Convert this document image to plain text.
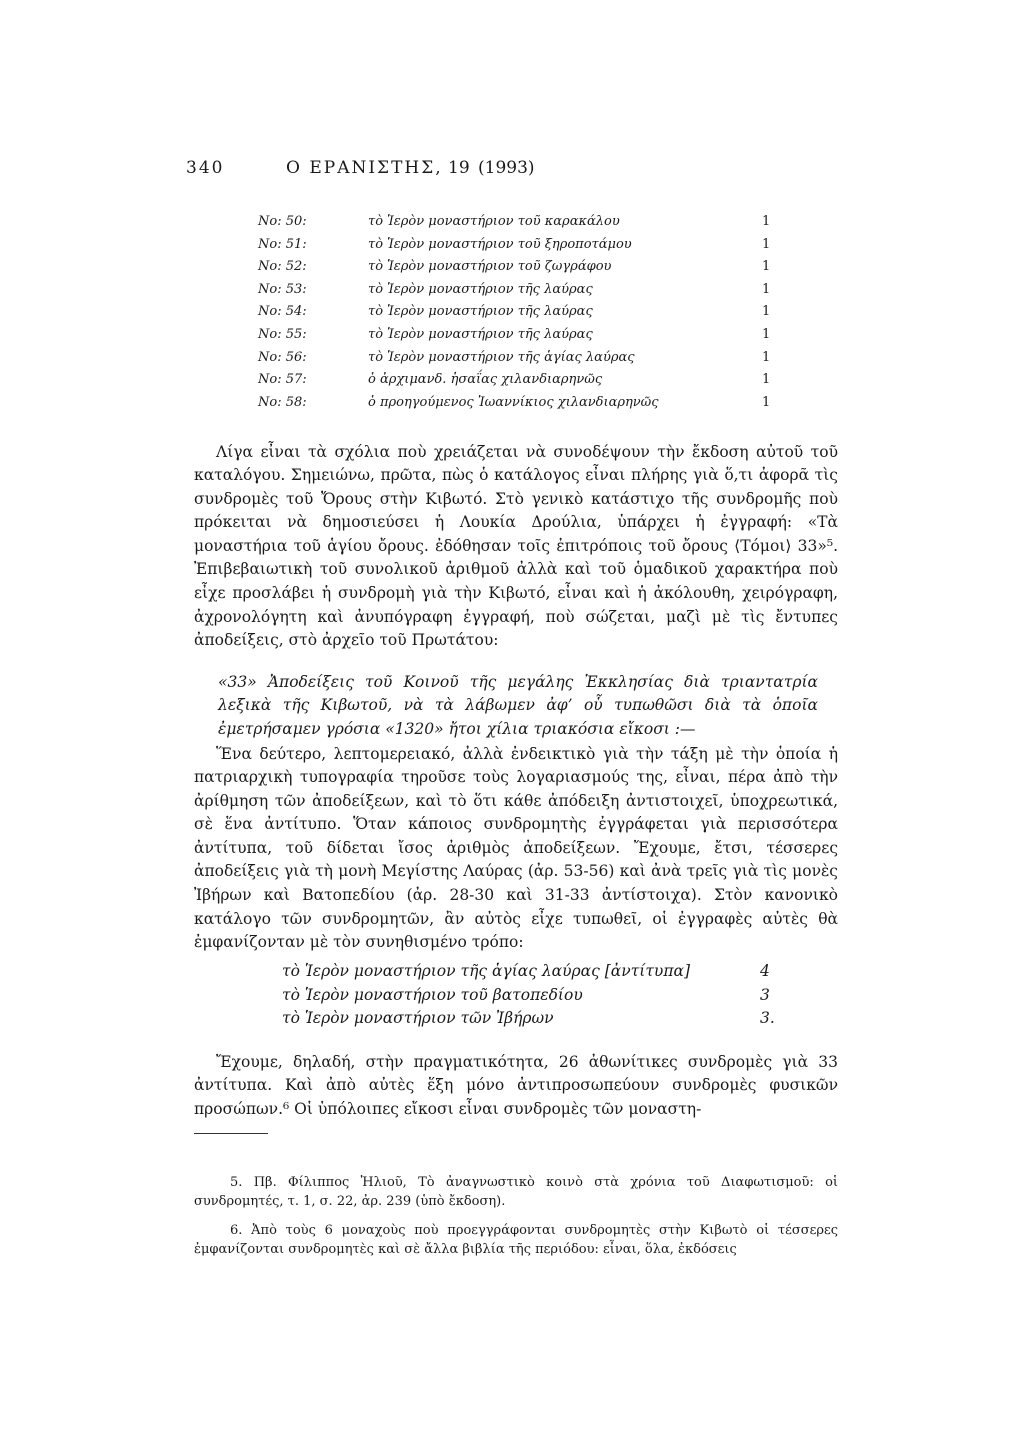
340	Ο ΕΡΑΝΙΣΤΗΣ, 19 (1993)
No: 50:	τὸ Ἱερὸν μοναστήριον τοῦ καρακάλου	1
No: 51:	τὸ Ἱερὸν μοναστήριον τοῦ ξηροποτάμου	1
No: 52:	τὸ Ἱερὸν μοναστήριον τοῦ ζωγράφου	1
No: 53:	τὸ Ἱερὸν μοναστήριον τῆς λαύρας	1
No: 54:	τὸ Ἱερὸν μοναστήριον τῆς λαύρας	1
No: 55:	τὸ Ἱερὸν μοναστήριον τῆς λαύρας	1
No: 56:	τὸ Ἱερὸν μοναστήριον τῆς ἁγίας λαύρας	1
No: 57:	ὁ ἀρχιμανδ. ἡσαΐας χιλανδιαρηνῶς	1
No: 58:	ὁ προηγούμενος Ἰωαννίκιος χιλανδιαρηνῶς	1

Λίγα εἶναι τὰ σχόλια ποὺ χρειάζεται νὰ συνοδέψουν τὴν ἔκδοση αὐτοῦ τοῦ καταλόγου. Σημειώνω, πρῶτα, πὼς ὁ κατάλογος εἶναι πλήρης γιὰ ὅ,τι ἀφορᾶ τὶς συνδρομὲς τοῦ Ὄρους στὴν Κιβωτό. Στὸ γενικὸ κατάστιχο τῆς συνδρομῆς ποὺ πρόκειται νὰ δημοσιεύσει ἡ Λουκία Δρούλια, ὑπάρχει ἡ ἐγγραφή: «Τὰ μοναστήρια τοῦ ἁγίου ὄρους. ἐδόθησαν τοῖς ἐπιτρόποις τοῦ ὄρους ⟨Τόμοι⟩ 33»⁵. Ἐπιβεβαιωτικὴ τοῦ συνολικοῦ ἀριθμοῦ ἀλλὰ καὶ τοῦ ὁμαδικοῦ χαρακτήρα ποὺ εἶχε προσλάβει ἡ συνδρομὴ γιὰ τὴν Κιβωτό, εἶναι καὶ ἡ ἀκόλουθη, χειρόγραφη, ἀχρονολόγητη καὶ ἀνυπόγραφη ἐγγραφή, ποὺ σώζεται, μαζὶ μὲ τὶς ἔντυπες ἀποδείξεις, στὸ ἀρχεῖο τοῦ Πρωτάτου:

«33» Ἀποδείξεις τοῦ Κοινοῦ τῆς μεγάλης Ἐκκλησίας διὰ τριαντατρία λεξικὰ τῆς Κιβωτοῦ, νὰ τὰ λάβωμεν ἀφ’ οὗ τυπωθῶσι διὰ τὰ ὁποῖα ἐμετρήσαμεν γρόσια «1320» ἤτοι χίλια τριακόσια εἴκοσι :—

Ἕνα δεύτερο, λεπτομερειακό, ἀλλὰ ἐνδεικτικὸ γιὰ τὴν τάξη μὲ τὴν ὁποία ἡ πατριαρχικὴ τυπογραφία τηροῦσε τοὺς λογαριασμούς της, εἶναι, πέρα ἀπὸ τὴν ἀρίθμηση τῶν ἀποδείξεων, καὶ τὸ ὅτι κάθε ἀπόδειξη ἀντιστοιχεῖ, ὑποχρεωτικά, σὲ ἕνα ἀντίτυπο. Ὅταν κάποιος συνδρομητὴς ἐγγράφεται γιὰ περισσότερα ἀντίτυπα, τοῦ δίδεται ἴσος ἀριθμὸς ἀποδείξεων. Ἔχουμε, ἔτσι, τέσσερες ἀποδείξεις γιὰ τὴ μονὴ Μεγίστης Λαύρας (ἀρ. 53-56) καὶ ἀνὰ τρεῖς γιὰ τὶς μονὲς Ἰβήρων καὶ Βατοπεδίου (ἀρ. 28-30 καὶ 31-33 ἀντίστοιχα). Στὸν κανονικὸ κατάλογο τῶν συνδρομητῶν, ἂν αὐτὸς εἶχε τυπωθεῖ, οἱ ἐγγραφὲς αὐτὲς θὰ ἐμφανίζονταν μὲ τὸν συνηθισμένο τρόπο:

τὸ Ἱερὸν μοναστήριον τῆς ἁγίας λαύρας [ἀντίτυπα]	4
τὸ Ἱερὸν μοναστήριον τοῦ βατοπεδίου	3
τὸ Ἱερὸν μοναστήριον τῶν Ἰβήρων	3.

Ἔχουμε, δηλαδή, στὴν πραγματικότητα, 26 ἀθωνίτικες συνδρομὲς γιὰ 33 ἀντίτυπα. Καὶ ἀπὸ αὐτὲς ἕξη μόνο ἀντιπροσωπεύουν συνδρομὲς φυσικῶν προσώπων.⁶ Οἱ ὑπόλοιπες εἴκοσι εἶναι συνδρομὲς τῶν μοναστη-

5. Πβ. Φίλιππος Ἠλιοῦ, Τὸ ἀναγνωστικὸ κοινὸ στὰ χρόνια τοῦ Διαφωτισμοῦ: οἱ συνδρομητές, τ. 1, σ. 22, ἀρ. 239 (ὑπὸ ἔκδοση).

6. Ἀπὸ τοὺς 6 μοναχοὺς ποὺ προεγγράφονται συνδρομητὲς στὴν Κιβωτὸ οἱ τέσσερες ἐμφανίζονται συνδρομητὲς καὶ σὲ ἄλλα βιβλία τῆς περιόδου: εἶναι, ὅλα, ἐκδόσεις
